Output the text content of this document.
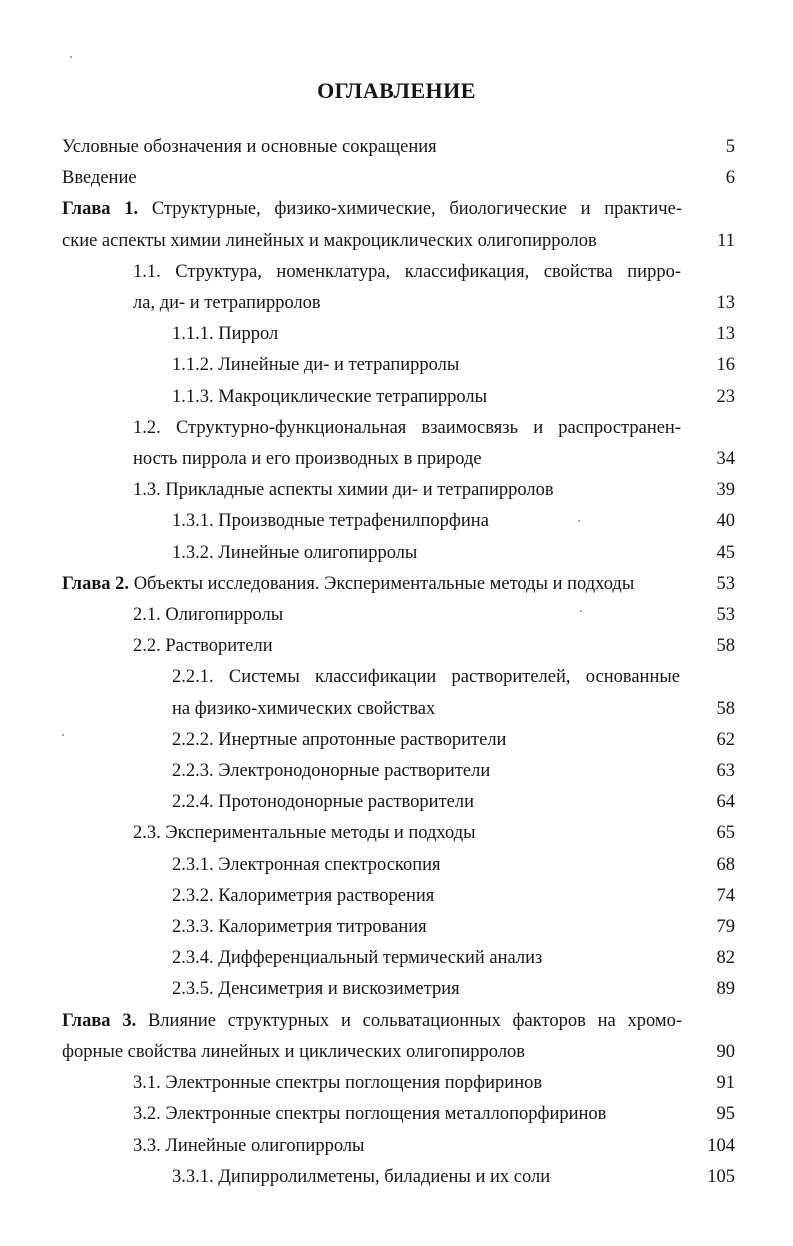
ОГЛАВЛЕНИЕ
Условные обозначения и основные сокращения	5
Введение	6
Глава 1. Структурные, физико-химические, биологические и практиче-
ские аспекты химии линейных и макроциклических олигопирролов	11
1.1. Структура, номенклатура, классификация, свойства пирро-
ла, ди- и тетрапирролов	13
1.1.1. Пиррол	13
1.1.2. Линейные ди- и тетрапирролы	16
1.1.3. Макроциклические тетрапирролы	23
1.2. Структурно-функциональная взаимосвязь и распространен-
ность пиррола и его производных в природе	34
1.3. Прикладные аспекты химии ди- и тетрапирролов	39
1.3.1. Производные тетрафенилпорфина	40
1.3.2. Линейные олигопирролы	45
Глава 2. Объекты исследования. Экспериментальные методы и подходы	53
2.1. Олигопирролы	53
2.2. Растворители	58
2.2.1. Системы классификации растворителей, основанные
на физико-химических свойствах	58
2.2.2. Инертные апротонные растворители	62
2.2.3. Электронодонорные растворители	63
2.2.4. Протонодонорные растворители	64
2.3. Экспериментальные методы и подходы	65
2.3.1. Электронная спектроскопия	68
2.3.2. Калориметрия растворения	74
2.3.3. Калориметрия титрования	79
2.3.4. Дифференциальный термический анализ	82
2.3.5. Денсиметрия и вискозиметрия	89
Глава 3. Влияние структурных и сольватационных факторов на хромо-
форные свойства линейных и циклических олигопирролов	90
3.1. Электронные спектры поглощения порфиринов	91
3.2. Электронные спектры поглощения металлопорфиринов	95
3.3. Линейные олигопирролы	104
3.3.1. Дипирролилметены, биладиены и их соли	105
